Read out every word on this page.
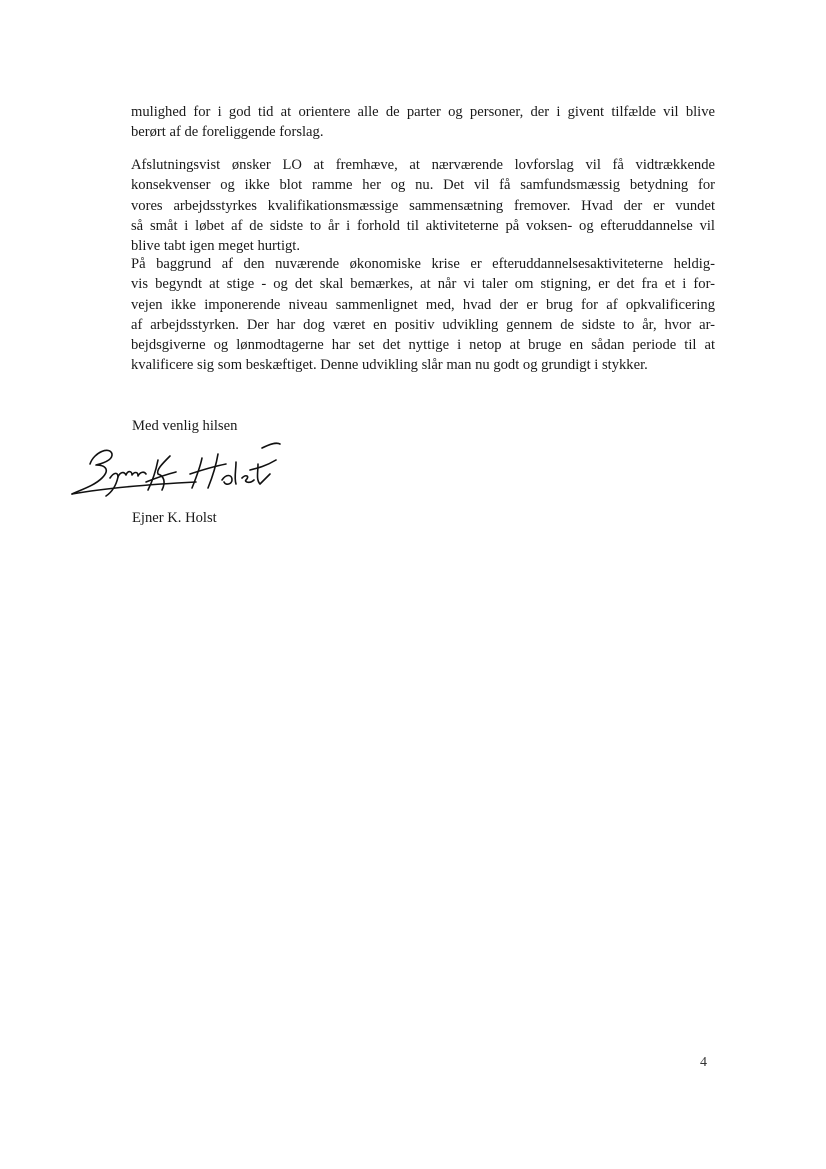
mulighed for i god tid at orientere alle de parter og personer, der i givent tilfælde vil blive
berørt af de foreliggende forslag.

Afslutningsvist ønsker LO at fremhæve, at nærværende lovforslag vil få vidtrækkende
konsekvenser og ikke blot ramme her og nu. Det vil få samfundsmæssig betydning for
vores arbejdsstyrkes kvalifikationsmæssige sammensætning fremover. Hvad der er vundet
så småt i løbet af de sidste to år i forhold til aktiviteterne på voksen- og efteruddannelse vil
blive tabt igen meget hurtigt.

På baggrund af den nuværende økonomiske krise er efteruddannelsesaktiviteterne heldig-
vis begyndt at stige - og det skal bemærkes, at når vi taler om stigning, er det fra et i for-
vejen ikke imponerende niveau sammenlignet med, hvad der er brug for af opkvalificering
af arbejdsstyrken. Der har dog været en positiv udvikling gennem de sidste to år, hvor ar-
bejdsgiverne og lønmodtagerne har set det nyttige i netop at bruge en sådan periode til at
kvalificere sig som beskæftiget. Denne udvikling slår man nu godt og grundigt i stykker.

Med venlig hilsen
Ejner K. Holst
4
